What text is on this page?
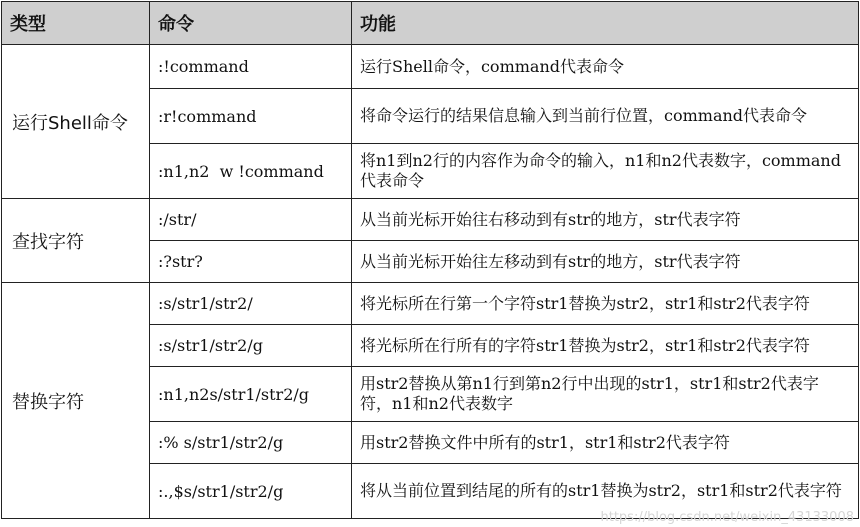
类型	命令	功能
运行Shell命令	:!command	运行Shell命令，command代表命令
	:r!command	将命令运行的结果信息输入到当前行位置，command代表命令
	:n1,n2  w !command	将n1到n2行的内容作为命令的输入，n1和n2代表数字，command代表命令
查找字符	:/str/	从当前光标开始往右移动到有str的地方，str代表字符
	:?str?	从当前光标开始往左移动到有str的地方，str代表字符
替换字符	:s/str1/str2/	将光标所在行第一个字符str1替换为str2，str1和str2代表字符
	:s/str1/str2/g	将光标所在行所有的字符str1替换为str2，str1和str2代表字符
	:n1,n2s/str1/str2/g	用str2替换从第n1行到第n2行中出现的str1，str1和str2代表字符，n1和n2代表数字
	:% s/str1/str2/g	用str2替换文件中所有的str1，str1和str2代表字符
	:.,$s/str1/str2/g	将从当前位置到结尾的所有的str1替换为str2，str1和str2代表字符
https://blog.csdn.net/weixin_43133008
